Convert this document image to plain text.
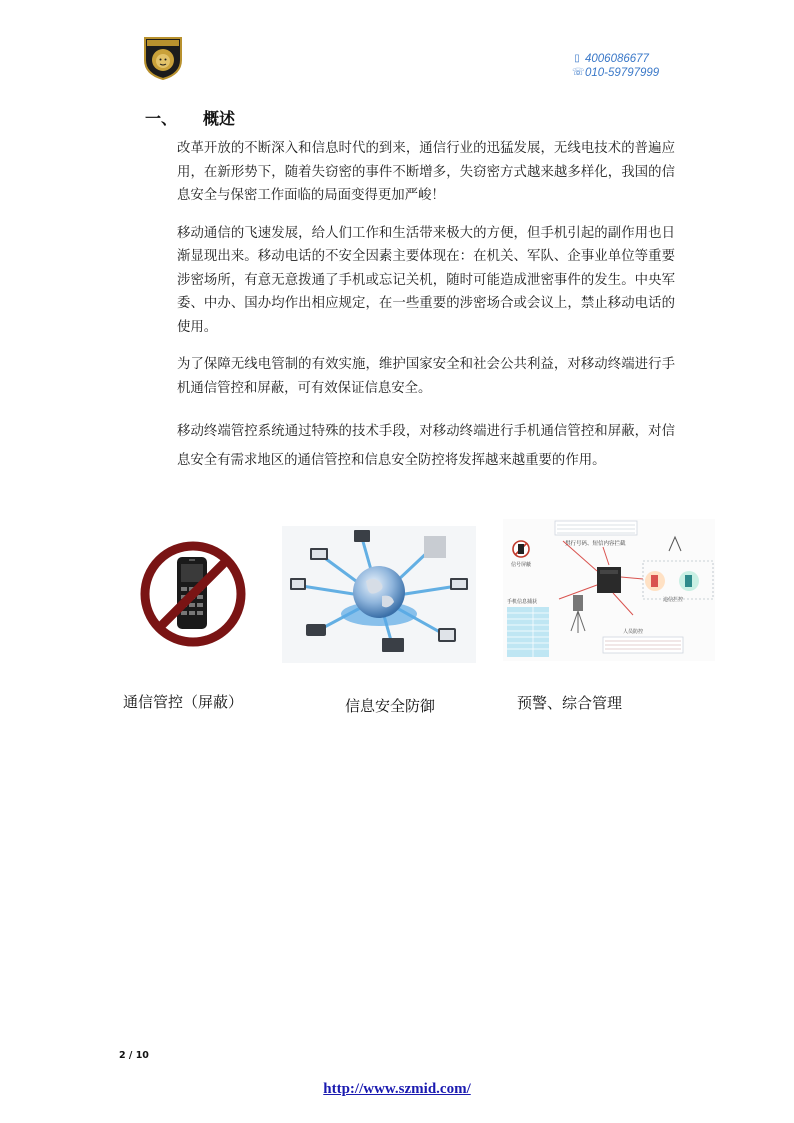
▯ 4006086677
☏ 010-59797999
一、 概述

改革开放的不断深入和信息时代的到来，通信行业的迅猛发展，无线电技术的普遍应用，在新形势下，随着失窃密的事件不断增多，失窃密方式越来越多样化，我国的信息安全与保密工作面临的局面变得更加严峻！

移动通信的飞速发展，给人们工作和生活带来极大的方便，但手机引起的副作用也日渐显现出来。移动电话的不安全因素主要体现在：在机关、军队、企事业单位等重要涉密场所，有意无意拨通了手机或忘记关机，随时可能造成泄密事件的发生。中央军委、中办、国办均作出相应规定，在一些重要的涉密场合或会议上，禁止移动电话的使用。

为了保障无线电管制的有效实施，维护国家安全和社会公共利益，对移动终端进行手机通信管控和屏蔽，可有效保证信息安全。

移动终端管控系统通过特殊的技术手段，对移动终端进行手机通信管控和屏蔽，对信息安全有需求地区的通信管控和信息安全防控将发挥越来越重要的作用。

拱行号码、短信内容拦截
信号屏蔽
违信拦控
手机信息捕获
人员防控
通信管控（屏蔽）	信息安全防御	预警、综合管理
2 / 10
http://www.szmid.com/
